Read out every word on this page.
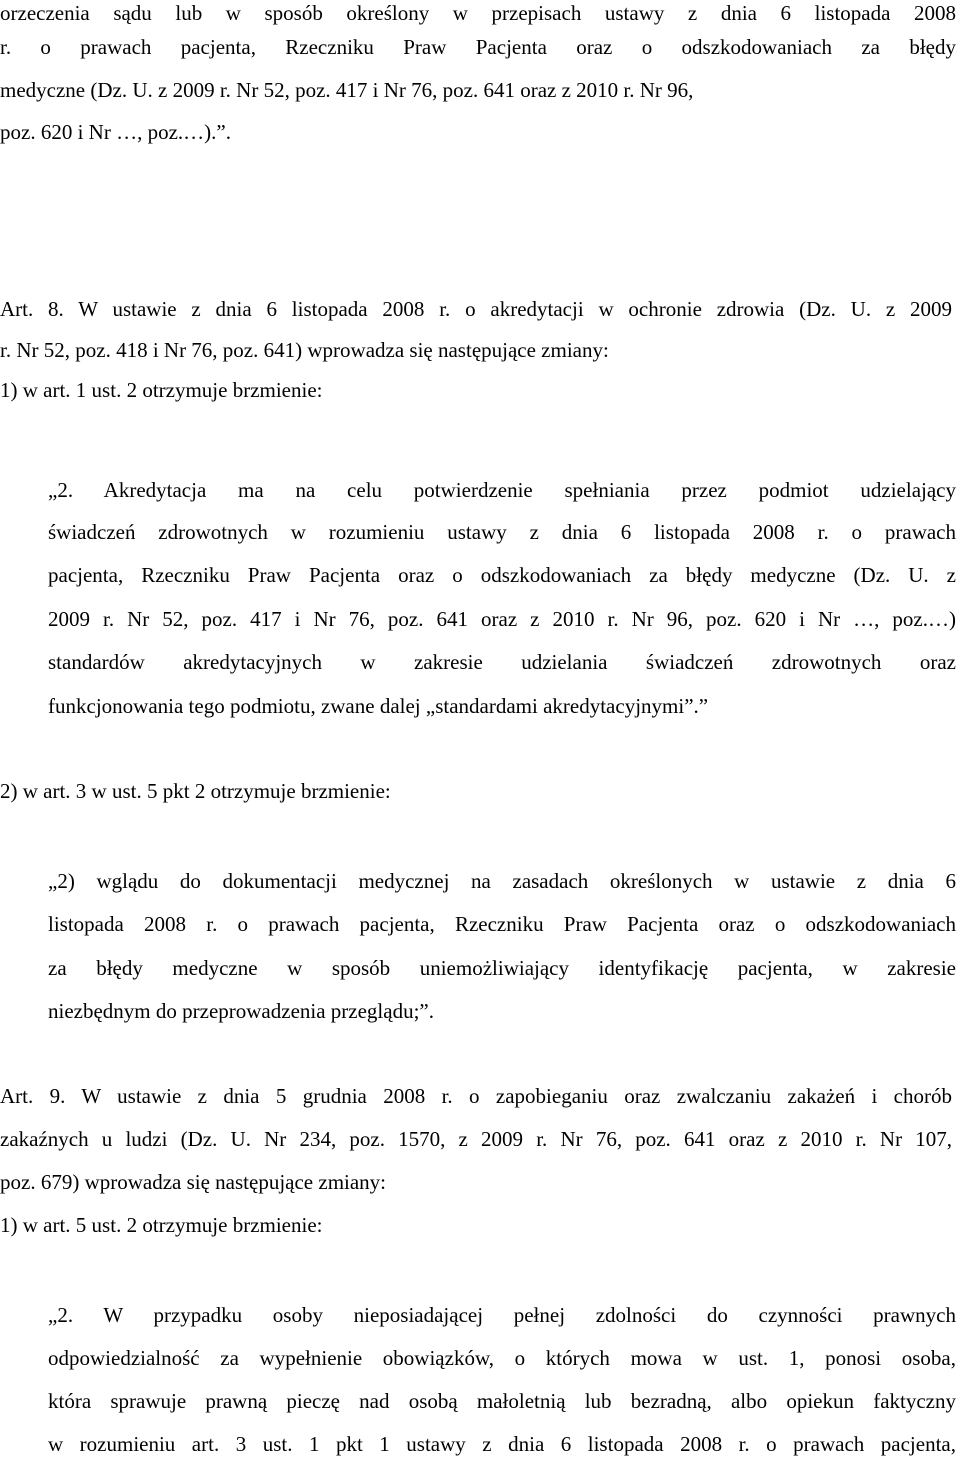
orzeczenia sądu lub w sposób określony w przepisach ustawy z dnia 6 listopada 2008
r. o prawach pacjenta, Rzeczniku Praw Pacjenta oraz o odszkodowaniach za błędy
medyczne (Dz. U. z 2009 r. Nr 52, poz. 417 i Nr 76, poz. 641 oraz z 2010 r. Nr 96,
poz. 620 i Nr …, poz.…).”.
Art. 8. W ustawie z dnia 6 listopada 2008 r. o akredytacji w ochronie zdrowia (Dz. U. z 2009
r. Nr 52, poz. 418 i Nr 76, poz. 641) wprowadza się następujące zmiany:
1) w art. 1 ust. 2 otrzymuje brzmienie:
„2. Akredytacja ma na celu potwierdzenie spełniania przez podmiot udzielający
świadczeń zdrowotnych w rozumieniu ustawy z dnia 6 listopada 2008 r. o prawach
pacjenta, Rzeczniku Praw Pacjenta oraz o odszkodowaniach za błędy medyczne (Dz. U. z
2009 r. Nr 52, poz. 417 i Nr 76, poz. 641 oraz z 2010 r. Nr 96, poz. 620 i Nr …, poz.…)
standardów akredytacyjnych w zakresie udzielania świadczeń zdrowotnych oraz
funkcjonowania tego podmiotu, zwane dalej „standardami akredytacyjnymi”.”
2) w art. 3 w ust. 5 pkt 2 otrzymuje brzmienie:
„2) wglądu do dokumentacji medycznej na zasadach określonych w ustawie z dnia 6
listopada 2008 r. o prawach pacjenta, Rzeczniku Praw Pacjenta oraz o odszkodowaniach
za błędy medyczne w sposób uniemożliwiający identyfikację pacjenta, w zakresie
niezbędnym do przeprowadzenia przeglądu;”.
Art. 9. W ustawie z dnia 5 grudnia 2008 r. o zapobieganiu oraz zwalczaniu zakażeń i chorób
zakaźnych u ludzi (Dz. U. Nr 234, poz. 1570, z 2009 r. Nr 76, poz. 641 oraz z 2010 r. Nr 107,
poz. 679) wprowadza się następujące zmiany:
1) w art. 5 ust. 2 otrzymuje brzmienie:
„2. W przypadku osoby nieposiadającej pełnej zdolności do czynności prawnych
odpowiedzialność za wypełnienie obowiązków, o których mowa w ust. 1, ponosi osoba,
która sprawuje prawną pieczę nad osobą małoletnią lub bezradną, albo opiekun faktyczny
w rozumieniu art. 3 ust. 1 pkt 1 ustawy z dnia 6 listopada 2008 r. o prawach pacjenta,
